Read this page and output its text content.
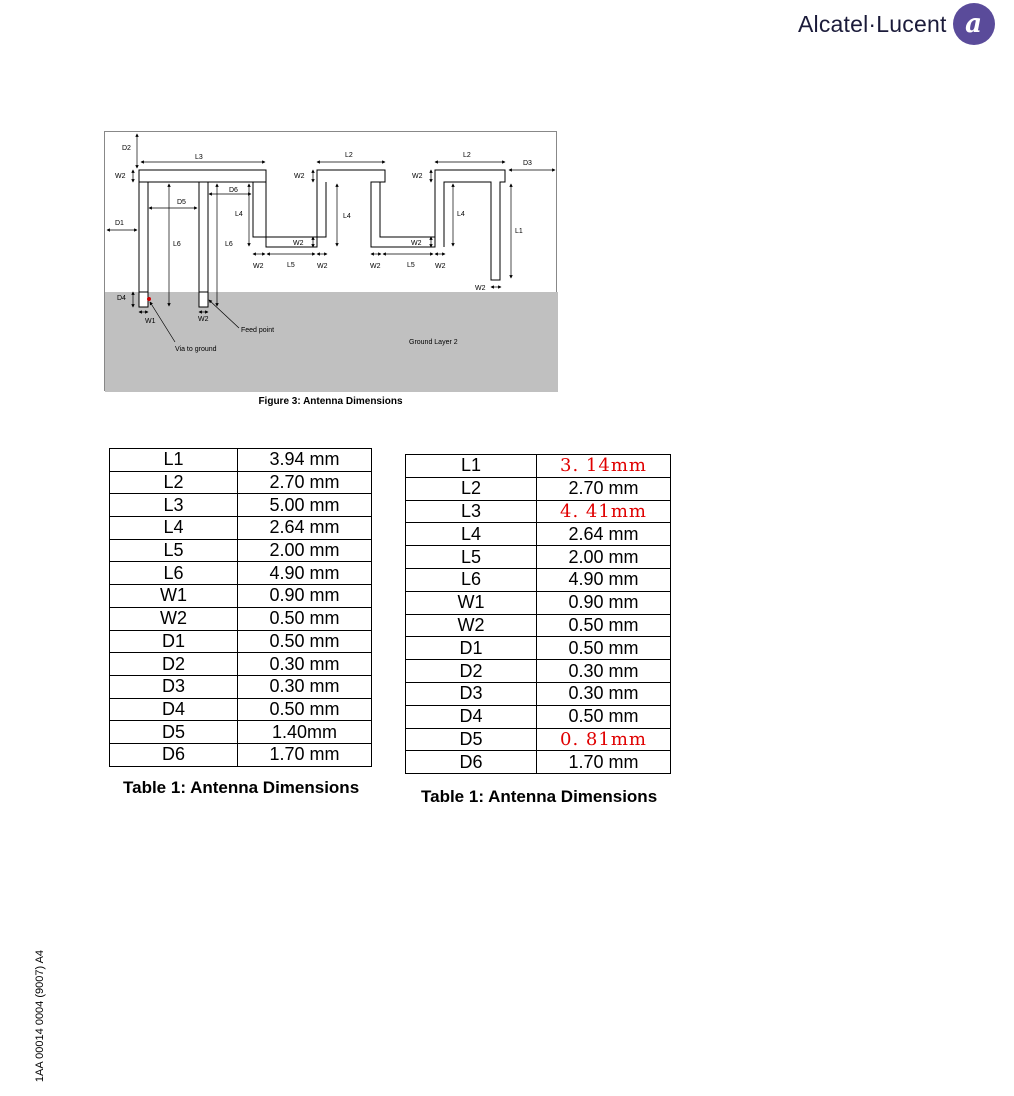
Alcatel·Lucent a
D2
L3	L2	L2
D3
W2	W2	W2
D6
D5
D1
L4	L4	L4
L6	L6
L1
W2	W2
W2	L5	W2	W2	L5	W2
W2
D4
W1	W2
Feed point
Via to ground
Ground Layer 2
Figure 3: Antenna Dimensions
L1	3.94 mm
L2	2.70 mm
L3	5.00 mm
L4	2.64 mm
L5	2.00 mm
L6	4.90 mm
W1	0.90 mm
W2	0.50 mm
D1	0.50 mm
D2	0.30 mm
D3	0.30 mm
D4	0.50 mm
D5	1.40mm
D6	1.70 mm
Table 1: Antenna Dimensions
L1	3. 14mm
L2	2.70 mm
L3	4. 41mm
L4	2.64 mm
L5	2.00 mm
L6	4.90 mm
W1	0.90 mm
W2	0.50 mm
D1	0.50 mm
D2	0.30 mm
D3	0.30 mm
D4	0.50 mm
D5	0. 81mm
D6	1.70 mm
Table 1: Antenna Dimensions
1AA 00014 0004 (9007) A4
